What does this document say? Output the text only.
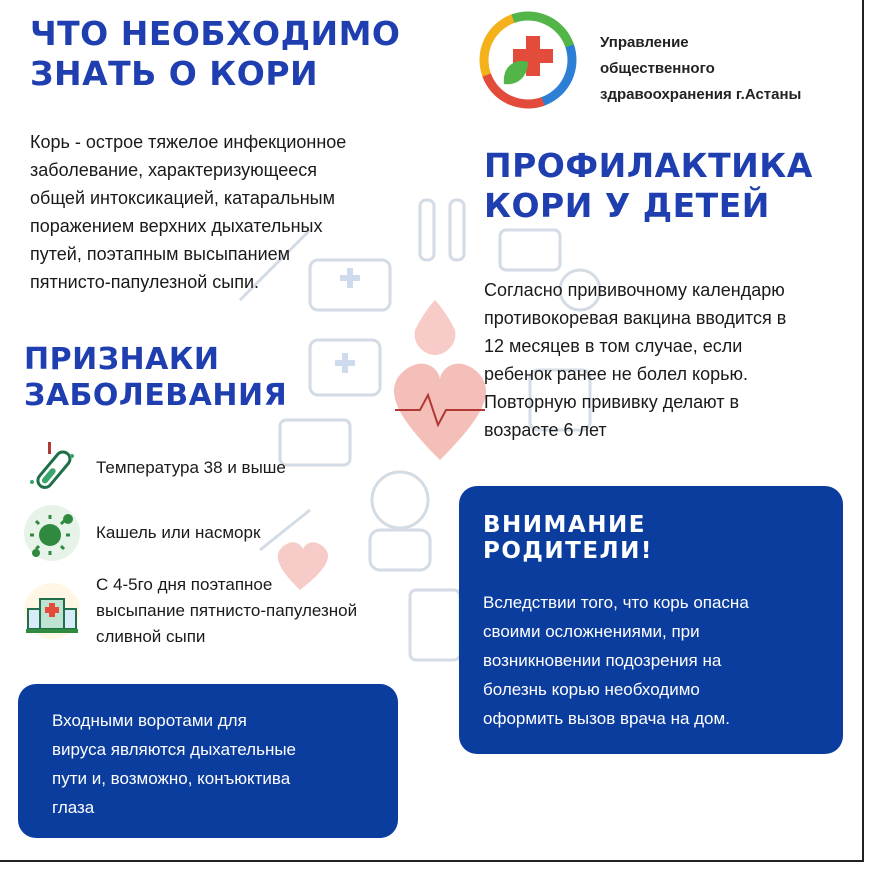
ЧТО НЕОБХОДИМО
ЗНАТЬ О КОРИ
Управление
общественного
здравоохранения г.Астаны
Корь - острое тяжелое инфекционное
заболевание, характеризующееся
общей интоксикацией, катаральным
поражением верхних дыхательных
путей, поэтапным высыпанием
пятнисто-папулезной сыпи.
ПРОФИЛАКТИКА
КОРИ У ДЕТЕЙ
Согласно прививочному календарю
противокоревая вакцина вводится в
12 месяцев в том случае, если
ребенок ранее не болел корью.
Повторную прививку делают в
возрасте 6 лет
ПРИЗНАКИ
ЗАБОЛЕВАНИЯ
Температура 38 и выше
Кашель или насморк
С 4-5го дня поэтапное
высыпание пятнисто-папулезной
сливной сыпи
Входными воротами для
вируса являются дыхательные
пути и, возможно, конъюктива
глаза
ВНИМАНИЕ РОДИТЕЛИ!
Вследствии того, что корь опасна
своими осложнениями, при
возникновении подозрения на
болезнь корью необходимо
оформить вызов врача на дом.
